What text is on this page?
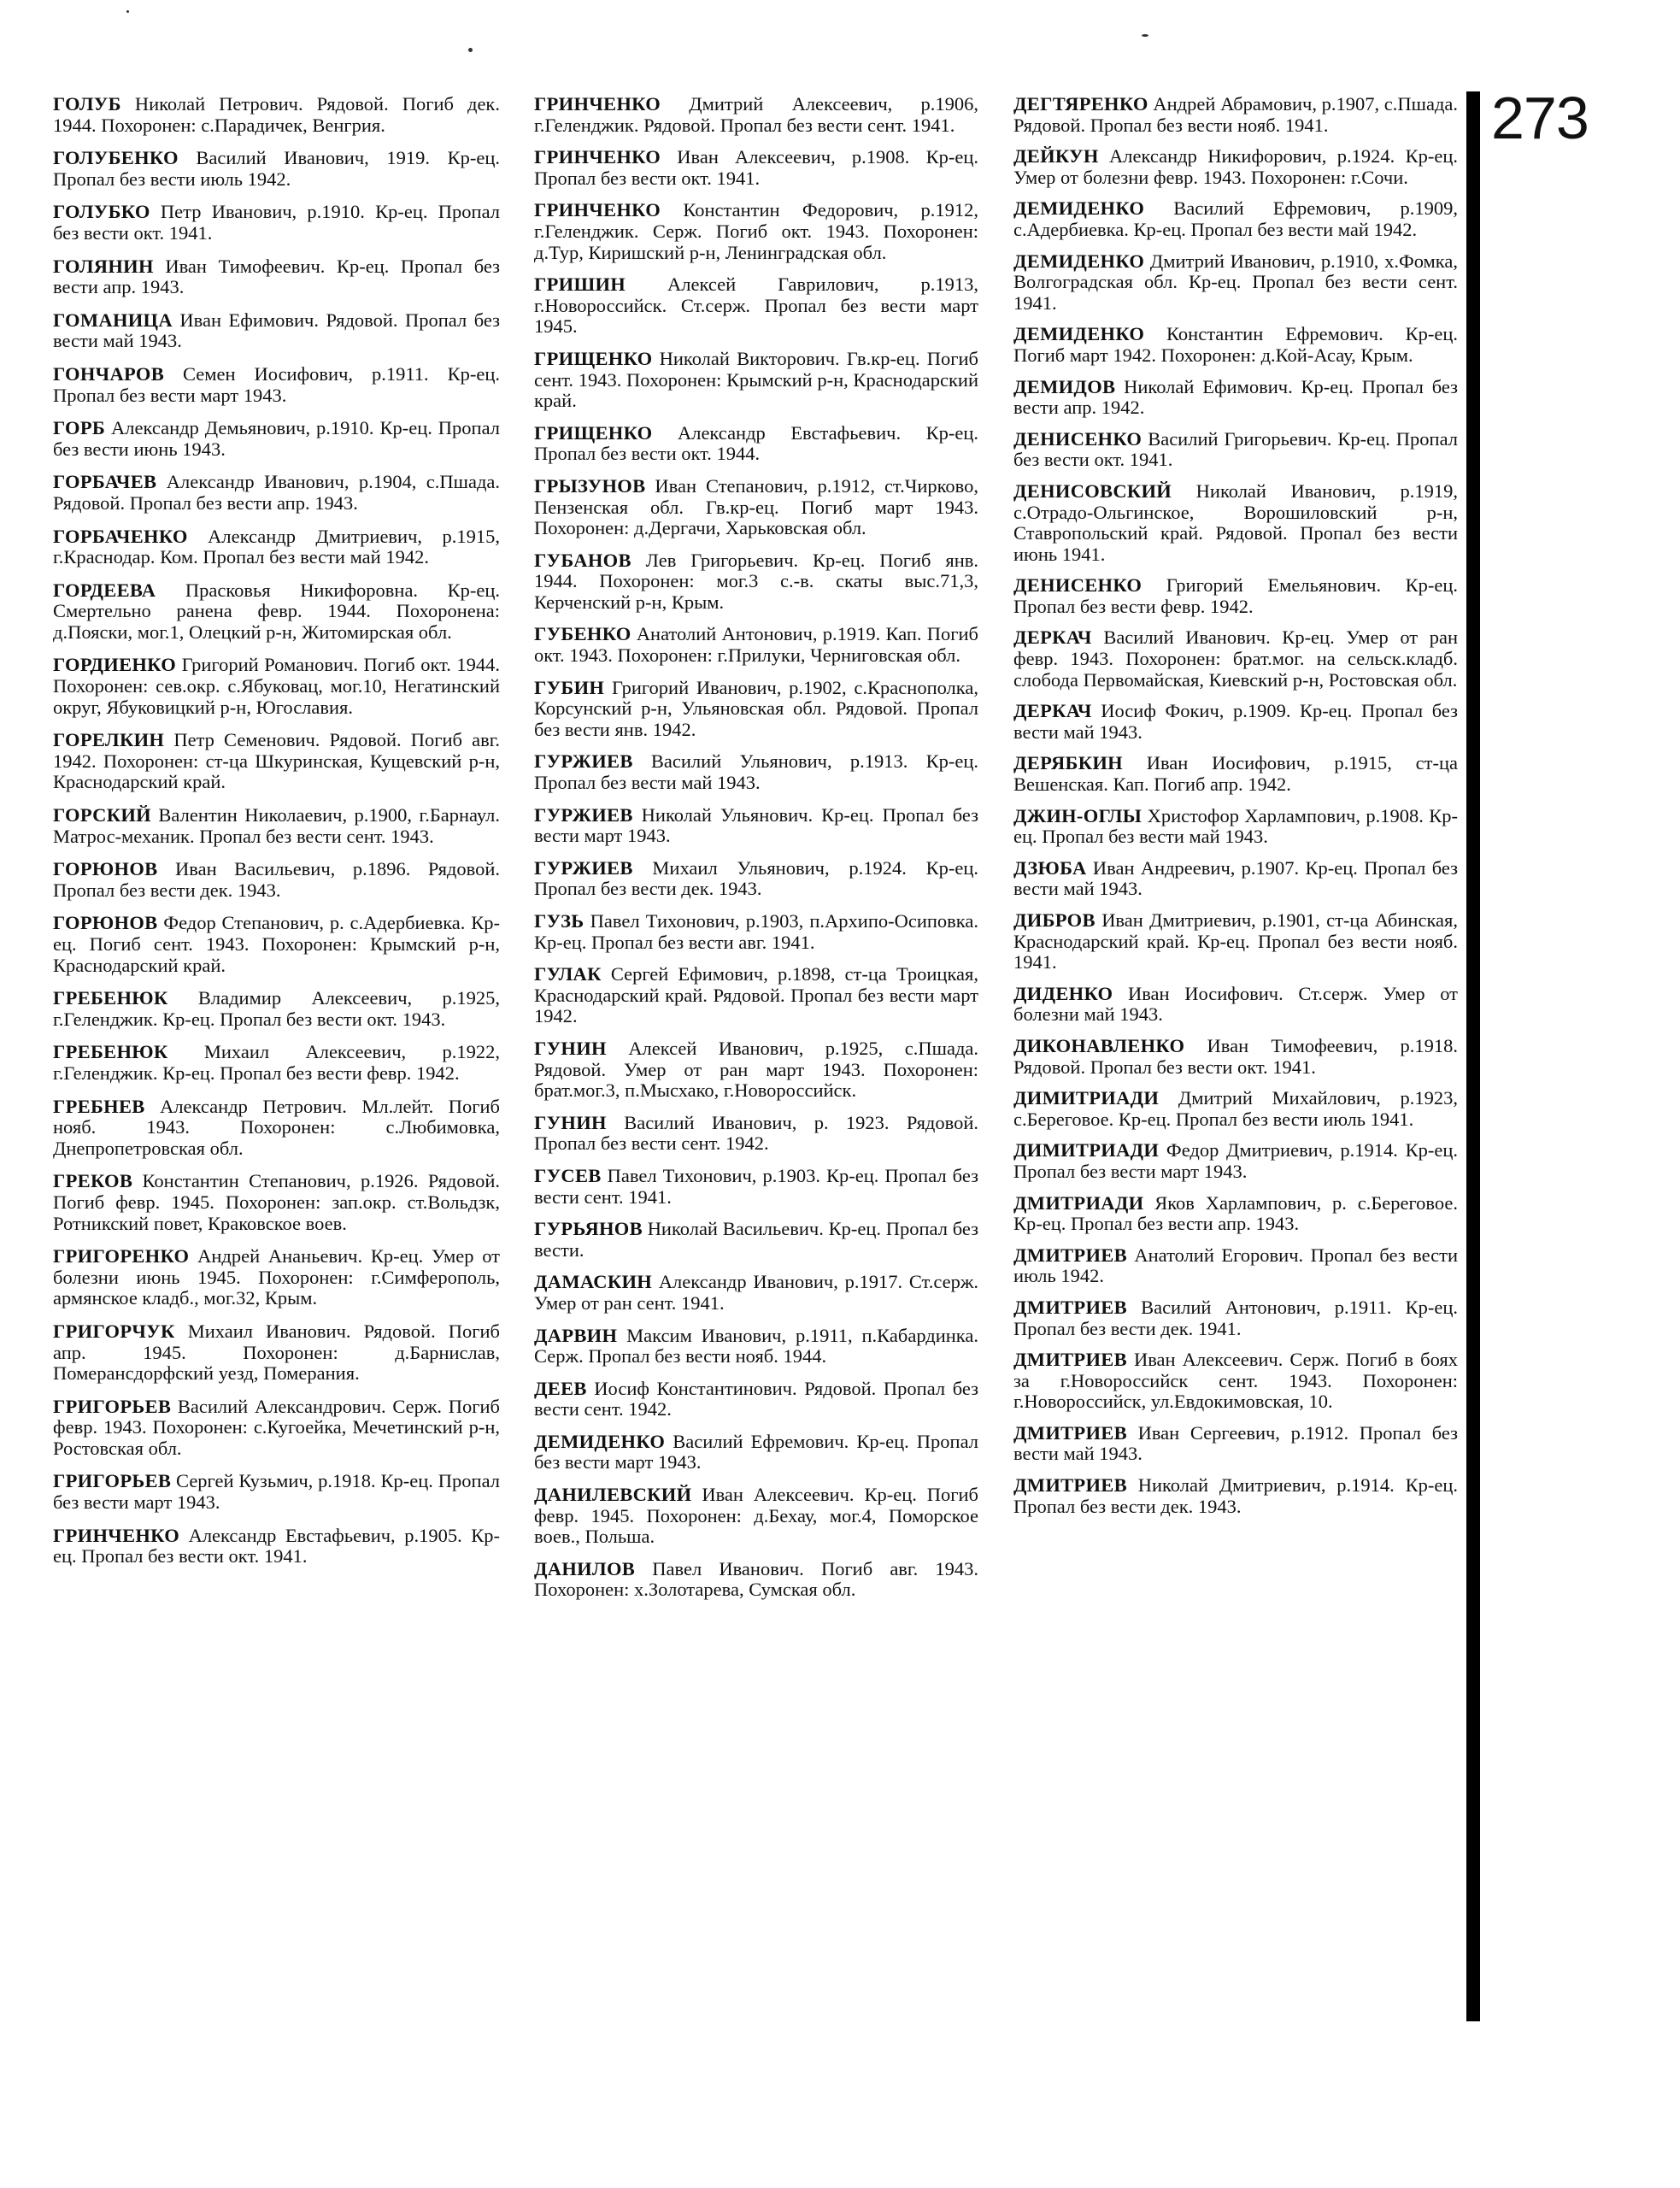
ГОЛУБ Николай Петрович. Рядовой. Погиб дек. 1944. Похоронен: с.Парадичек, Венгрия.
ГОЛУБЕНКО Василий Иванович, 1919. Кр-ец. Пропал без вести июль 1942.
ГОЛУБКО Петр Иванович, р.1910. Кр-ец. Пропал без вести окт. 1941.
ГОЛЯНИН Иван Тимофеевич. Кр-ец. Пропал без вести апр. 1943.
ГОМАНИЦА Иван Ефимович. Рядовой. Пропал без вести май 1943.
ГОНЧАРОВ Семен Иосифович, р.1911. Кр-ец. Пропал без вести март 1943.
ГОРБ Александр Демьянович, р.1910. Кр-ец. Пропал без вести июнь 1943.
ГОРБАЧЕВ Александр Иванович, р.1904, с.Пшада. Рядовой. Пропал без вести апр. 1943.
ГОРБАЧЕНКО Александр Дмитриевич, р.1915, г.Краснодар. Ком. Пропал без вести май 1942.
ГОРДЕЕВА Прасковья Никифоровна. Кр-ец. Смертельно ранена февр. 1944. Похоронена: д.Пояски, мог.1, Олецкий р-н, Житомирская обл.
ГОРДИЕНКО Григорий Романович. Погиб окт. 1944. Похоронен: сев.окр. с.Ябуковац, мог.10, Негатинский округ, Ябуковицкий р-н, Югославия.
ГОРЕЛКИН Петр Семенович. Рядовой. Погиб авг. 1942. Похоронен: ст-ца Шкуринская, Кущевский р-н, Краснодарский край.
ГОРСКИЙ Валентин Николаевич, р.1900, г.Барнаул. Матрос-механик. Пропал без вести сент. 1943.
ГОРЮНОВ Иван Васильевич, р.1896. Рядовой. Пропал без вести дек. 1943.
ГОРЮНОВ Федор Степанович, р. с.Адербиевка. Кр-ец. Погиб сент. 1943. Похоронен: Крымский р-н, Краснодарский край.
ГРЕБЕНЮК Владимир Алексеевич, р.1925, г.Геленджик. Кр-ец. Пропал без вести окт. 1943.
ГРЕБЕНЮК Михаил Алексеевич, р.1922, г.Геленджик. Кр-ец. Пропал без вести февр. 1942.
ГРЕБНЕВ Александр Петрович. Мл.лейт. Погиб нояб. 1943. Похоронен: с.Любимовка, Днепропетровская обл.
ГРЕКОВ Константин Степанович, р.1926. Рядовой. Погиб февр. 1945. Похоронен: зап.окр. ст.Вольдзк, Ротникский повет, Краковское воев.
ГРИГОРЕНКО Андрей Ананьевич. Кр-ец. Умер от болезни июнь 1945. Похоронен: г.Симферополь, армянское кладб., мог.32, Крым.
ГРИГОРЧУК Михаил Иванович. Рядовой. Погиб апр. 1945. Похоронен: д.Барнислав, Померансдорфский уезд, Померания.
ГРИГОРЬЕВ Василий Александрович. Серж. Погиб февр. 1943. Похоронен: с.Кугоейка, Мечетинский р-н, Ростовская обл.
ГРИГОРЬЕВ Сергей Кузьмич, р.1918. Кр-ец. Пропал без вести март 1943.
ГРИНЧЕНКО Александр Евстафьевич, р.1905. Кр-ец. Пропал без вести окт. 1941.
ГРИНЧЕНКО Дмитрий Алексеевич, р.1906, г.Геленджик. Рядовой. Пропал без вести сент. 1941.
ГРИНЧЕНКО Иван Алексеевич, р.1908. Кр-ец. Пропал без вести окт. 1941.
ГРИНЧЕНКО Константин Федорович, р.1912, г.Геленджик. Серж. Погиб окт. 1943. Похоронен: д.Тур, Киришский р-н, Ленинградская обл.
ГРИШИН Алексей Гаврилович, р.1913, г.Новороссийск. Ст.серж. Пропал без вести март 1945.
ГРИЩЕНКО Николай Викторович. Гв.кр-ец. Погиб сент. 1943. Похоронен: Крымский р-н, Краснодарский край.
ГРИЩЕНКО Александр Евстафьевич. Кр-ец. Пропал без вести окт. 1944.
ГРЫЗУНОВ Иван Степанович, р.1912, ст.Чирково, Пензенская обл. Гв.кр-ец. Погиб март 1943. Похоронен: д.Дергачи, Харьковская обл.
ГУБАНОВ Лев Григорьевич. Кр-ец. Погиб янв. 1944. Похоронен: мог.3 с.-в. скаты выс.71,3, Керченский р-н, Крым.
ГУБЕНКО Анатолий Антонович, р.1919. Кап. Погиб окт. 1943. Похоронен: г.Прилуки, Черниговская обл.
ГУБИН Григорий Иванович, р.1902, с.Краснополка, Корсунский р-н, Ульяновская обл. Рядовой. Пропал без вести янв. 1942.
ГУРЖИЕВ Василий Ульянович, р.1913. Кр-ец. Пропал без вести май 1943.
ГУРЖИЕВ Николай Ульянович. Кр-ец. Пропал без вести март 1943.
ГУРЖИЕВ Михаил Ульянович, р.1924. Кр-ец. Пропал без вести дек. 1943.
ГУЗЬ Павел Тихонович, р.1903, п.Архипо-Осиповка. Кр-ец. Пропал без вести авг. 1941.
ГУЛАК Сергей Ефимович, р.1898, ст-ца Троицкая, Краснодарский край. Рядовой. Пропал без вести март 1942.
ГУНИН Алексей Иванович, р.1925, с.Пшада. Рядовой. Умер от ран март 1943. Похоронен: брат.мог.3, п.Мысхако, г.Новороссийск.
ГУНИН Василий Иванович, р. 1923. Рядовой. Пропал без вести сент. 1942.
ГУСЕВ Павел Тихонович, р.1903. Кр-ец. Пропал без вести сент. 1941.
ГУРЬЯНОВ Николай Васильевич. Кр-ец. Пропал без вести.
ДАМАСКИН Александр Иванович, р.1917. Ст.серж. Умер от ран сент. 1941.
ДАРВИН Максим Иванович, р.1911, п.Кабардинка. Серж. Пропал без вести нояб. 1944.
ДЕЕВ Иосиф Константинович. Рядовой. Пропал без вести сент. 1942.
ДЕМИДЕНКО Василий Ефремович. Кр-ец. Пропал без вести март 1943.
ДАНИЛЕВСКИЙ Иван Алексеевич. Кр-ец. Погиб февр. 1945. Похоронен: д.Бехау, мог.4, Поморское воев., Польша.
ДАНИЛОВ Павел Иванович. Погиб авг. 1943. Похоронен: х.Золотарева, Сумская обл.
ДЕГТЯРЕНКО Андрей Абрамович, р.1907, с.Пшада. Рядовой. Пропал без вести нояб. 1941.
ДЕЙКУН Александр Никифорович, р.1924. Кр-ец. Умер от болезни февр. 1943. Похоронен: г.Сочи.
ДЕМИДЕНКО Василий Ефремович, р.1909, с.Адербиевка. Кр-ец. Пропал без вести май 1942.
ДЕМИДЕНКО Дмитрий Иванович, р.1910, х.Фомка, Волгоградская обл. Кр-ец. Пропал без вести сент. 1941.
ДЕМИДЕНКО Константин Ефремович. Кр-ец. Погиб март 1942. Похоронен: д.Кой-Асау, Крым.
ДЕМИДОВ Николай Ефимович. Кр-ец. Пропал без вести апр. 1942.
ДЕНИСЕНКО Василий Григорьевич. Кр-ец. Пропал без вести окт. 1941.
ДЕНИСОВСКИЙ Николай Иванович, р.1919, с.Отрадо-Ольгинское, Ворошиловский р-н, Ставропольский край. Рядовой. Пропал без вести июнь 1941.
ДЕНИСЕНКО Григорий Емельянович. Кр-ец. Пропал без вести февр. 1942.
ДЕРКАЧ Василий Иванович. Кр-ец. Умер от ран февр. 1943. Похоронен: брат.мог. на сельск.кладб. слобода Первомайская, Киевский р-н, Ростовская обл.
ДЕРКАЧ Иосиф Фокич, р.1909. Кр-ец. Пропал без вести май 1943.
ДЕРЯБКИН Иван Иосифович, р.1915, ст-ца Вешенская. Кап. Погиб апр. 1942.
ДЖИН-ОГЛЫ Христофор Харлампович, р.1908. Кр-ец. Пропал без вести май 1943.
ДЗЮБА Иван Андреевич, р.1907. Кр-ец. Пропал без вести май 1943.
ДИБРОВ Иван Дмитриевич, р.1901, ст-ца Абинская, Краснодарский край. Кр-ец. Пропал без вести нояб. 1941.
ДИДЕНКО Иван Иосифович. Ст.серж. Умер от болезни май 1943.
ДИКОНАВЛЕНКО Иван Тимофеевич, р.1918. Рядовой. Пропал без вести окт. 1941.
ДИМИТРИАДИ Дмитрий Михайлович, р.1923, с.Береговое. Кр-ец. Пропал без вести июль 1941.
ДИМИТРИАДИ Федор Дмитриевич, р.1914. Кр-ец. Пропал без вести март 1943.
ДМИТРИАДИ Яков Харлампович, р. с.Береговое. Кр-ец. Пропал без вести апр. 1943.
ДМИТРИЕВ Анатолий Егорович. Пропал без вести июль 1942.
ДМИТРИЕВ Василий Антонович, р.1911. Кр-ец. Пропал без вести дек. 1941.
ДМИТРИЕВ Иван Алексеевич. Серж. Погиб в боях за г.Новороссийск сент. 1943. Похоронен: г.Новороссийск, ул.Евдокимовская, 10.
ДМИТРИЕВ Иван Сергеевич, р.1912. Пропал без вести май 1943.
ДМИТРИЕВ Николай Дмитриевич, р.1914. Кр-ец. Пропал без вести дек. 1943.
273
